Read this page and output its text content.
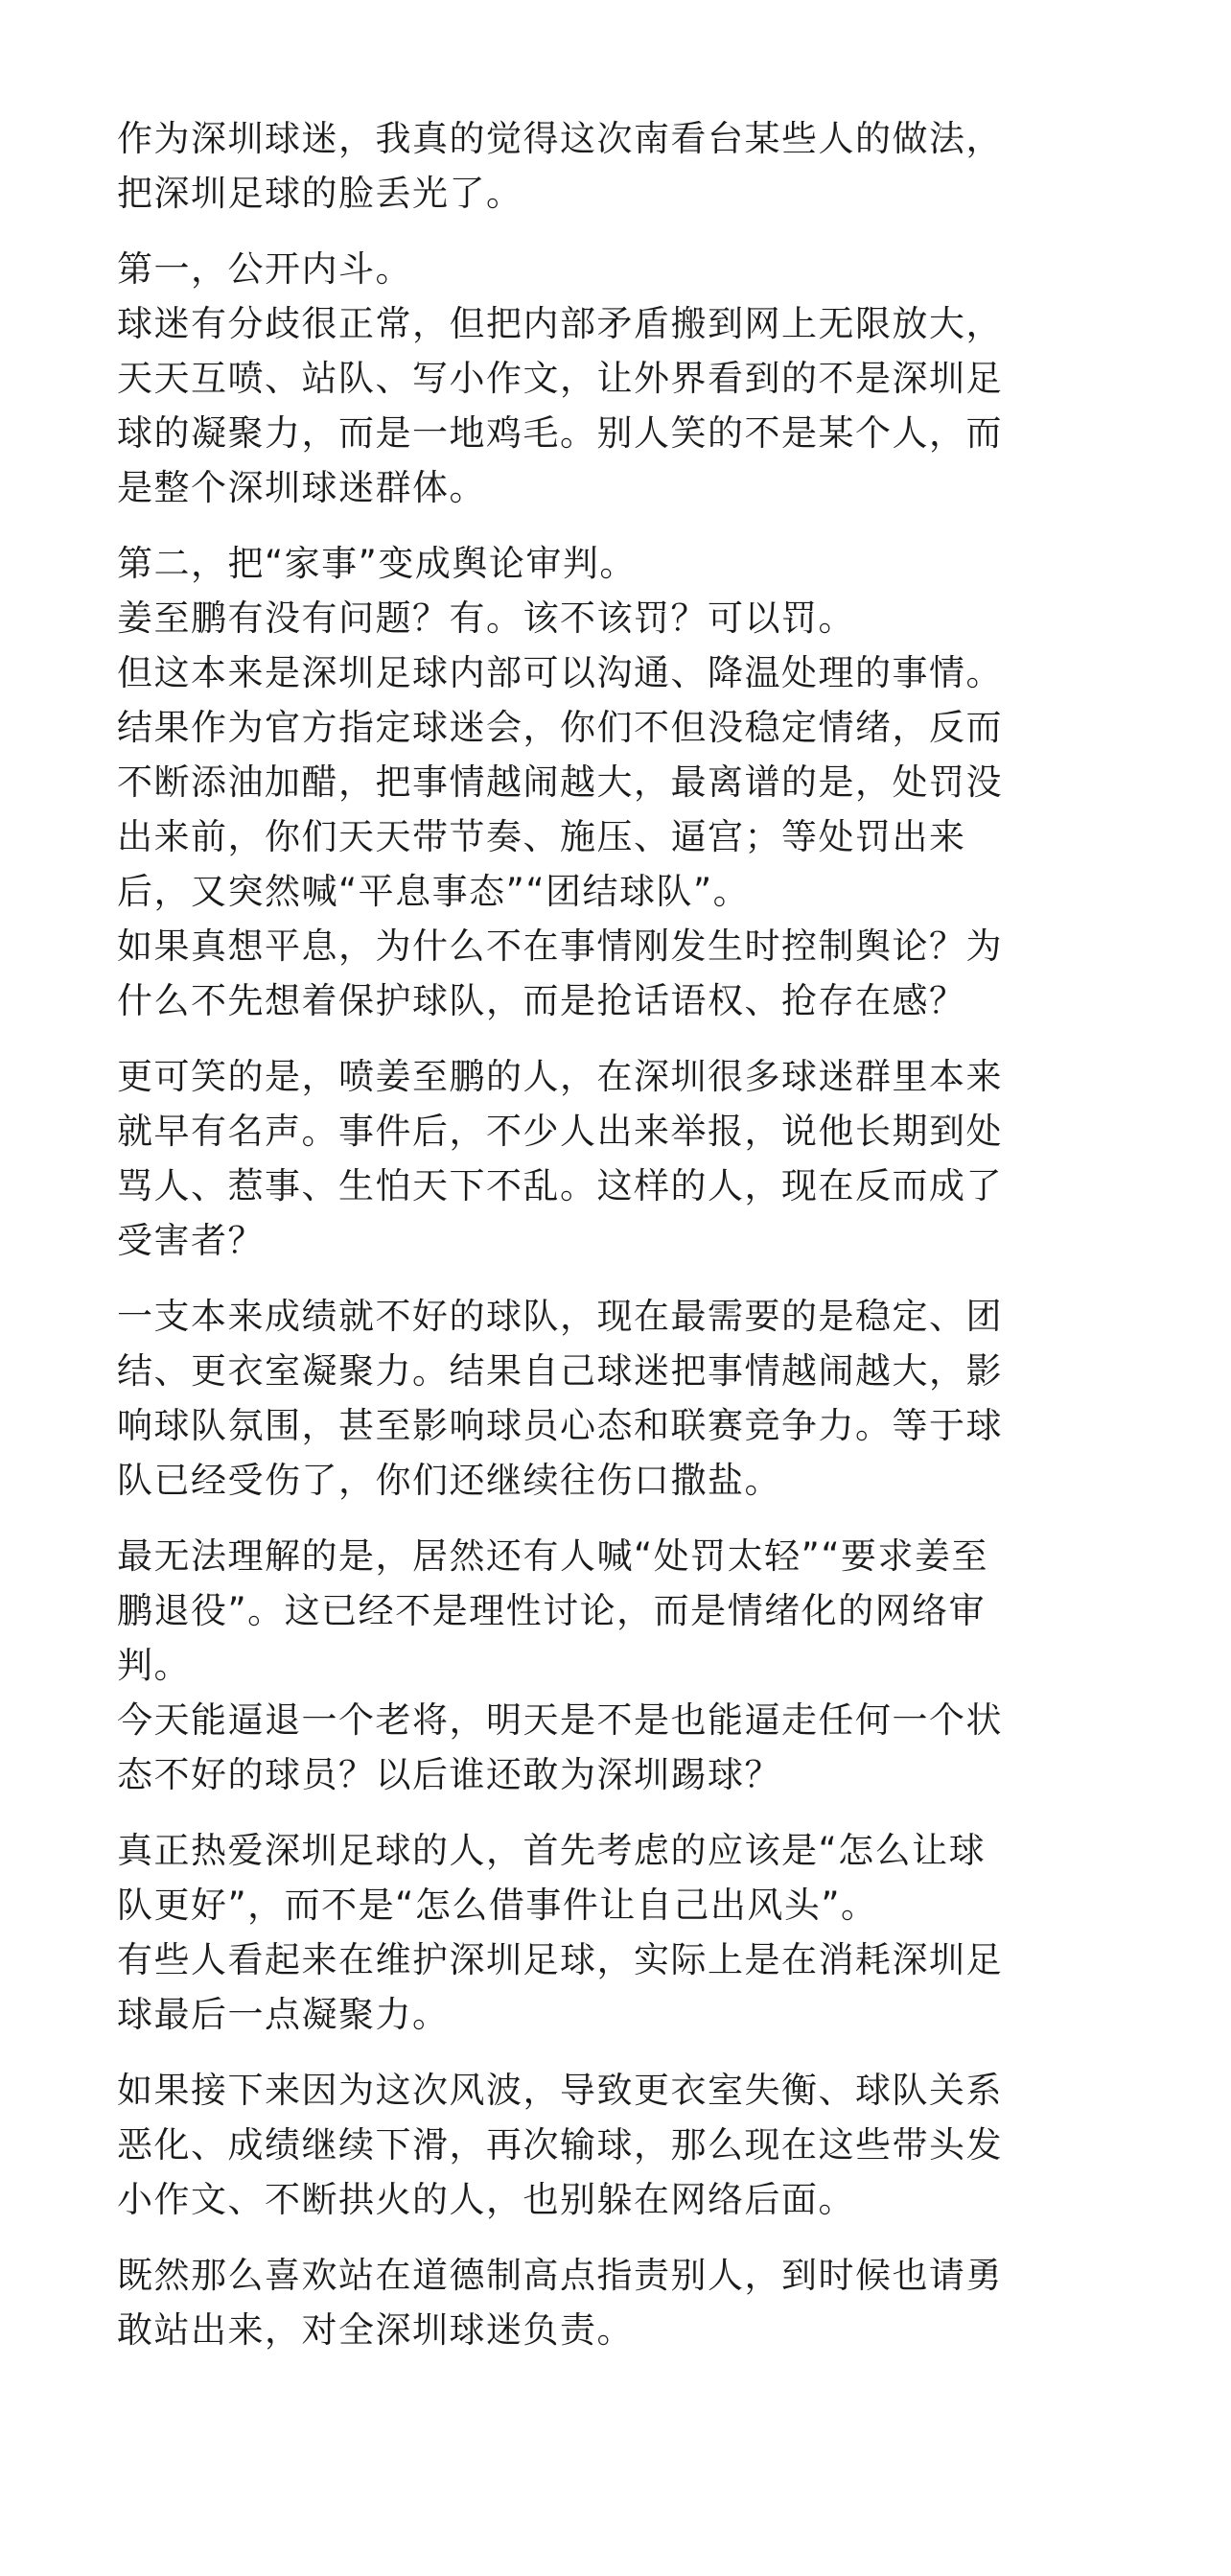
作为深圳球迷，我真的觉得这次南看台某些人的做法，
把深圳足球的脸丢光了。
第一，公开内斗。
球迷有分歧很正常，但把内部矛盾搬到网上无限放大，
天天互喷、站队、写小作文，让外界看到的不是深圳足
球的凝聚力，而是一地鸡毛。别人笑的不是某个人，而
是整个深圳球迷群体。
第二，把“家事”变成舆论审判。
姜至鹏有没有问题？有。该不该罚？可以罚。
但这本来是深圳足球内部可以沟通、降温处理的事情。
结果作为官方指定球迷会，你们不但没稳定情绪，反而
不断添油加醋，把事情越闹越大，最离谱的是，处罚没
出来前，你们天天带节奏、施压、逼宫；等处罚出来
后，又突然喊“平息事态”“团结球队”。
如果真想平息，为什么不在事情刚发生时控制舆论？为
什么不先想着保护球队，而是抢话语权、抢存在感？
更可笑的是，喷姜至鹏的人，在深圳很多球迷群里本来
就早有名声。事件后，不少人出来举报，说他长期到处
骂人、惹事、生怕天下不乱。这样的人，现在反而成了
受害者？
一支本来成绩就不好的球队，现在最需要的是稳定、团
结、更衣室凝聚力。结果自己球迷把事情越闹越大，影
响球队氛围，甚至影响球员心态和联赛竞争力。等于球
队已经受伤了，你们还继续往伤口撒盐。
最无法理解的是，居然还有人喊“处罚太轻”“要求姜至
鹏退役”。这已经不是理性讨论，而是情绪化的网络审
判。
今天能逼退一个老将，明天是不是也能逼走任何一个状
态不好的球员？以后谁还敢为深圳踢球？
真正热爱深圳足球的人，首先考虑的应该是“怎么让球
队更好”，而不是“怎么借事件让自己出风头”。
有些人看起来在维护深圳足球，实际上是在消耗深圳足
球最后一点凝聚力。
如果接下来因为这次风波，导致更衣室失衡、球队关系
恶化、成绩继续下滑，再次输球，那么现在这些带头发
小作文、不断拱火的人，也别躲在网络后面。
既然那么喜欢站在道德制高点指责别人，到时候也请勇
敢站出来，对全深圳球迷负责。
